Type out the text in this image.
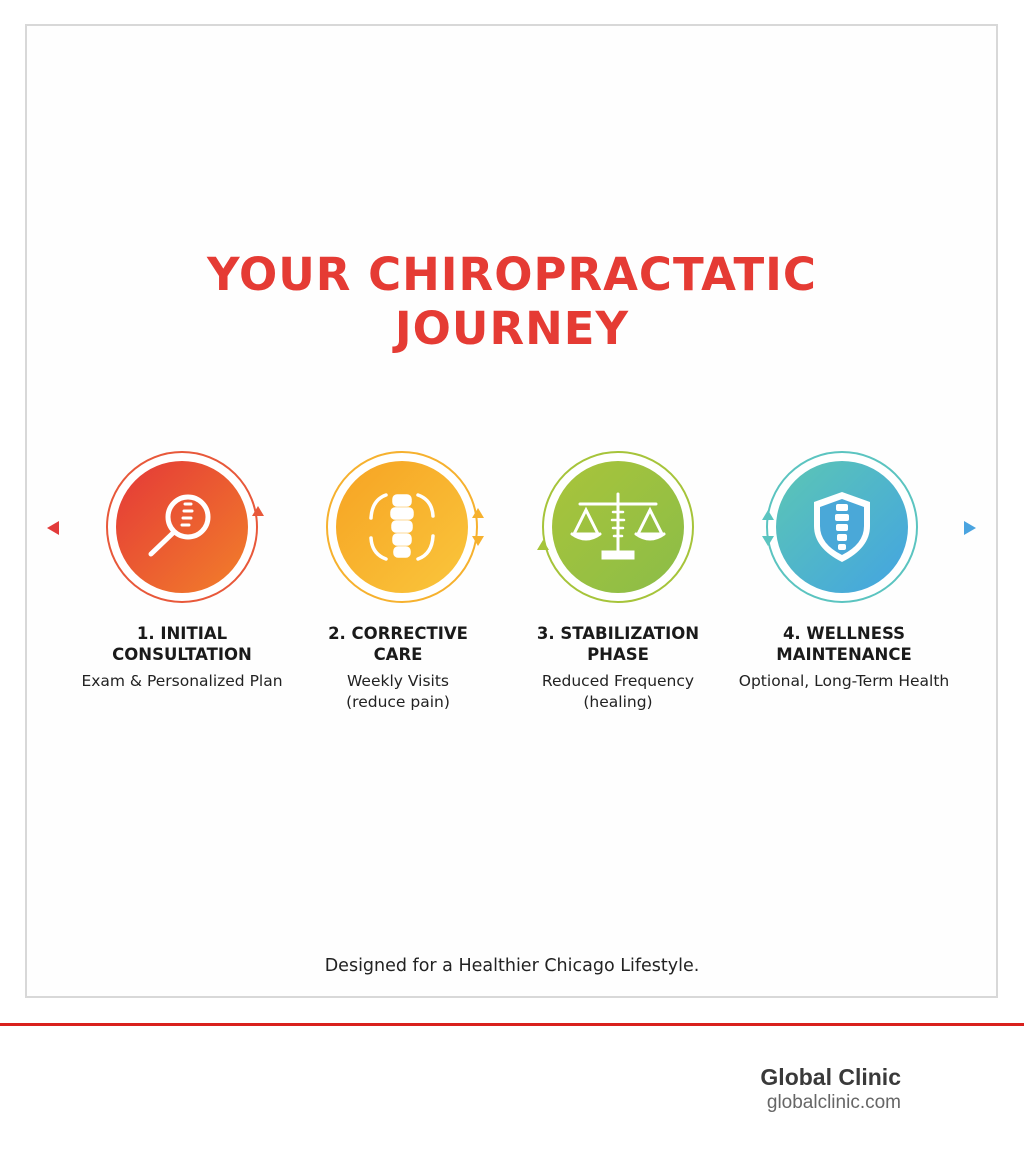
YOUR CHIROPRACTATIC
JOURNEY
1. INITIAL
CONSULTATION
Exam & Personalized Plan
2. CORRECTIVE
CARE
Weekly Visits
(reduce pain)
3. STABILIZATION
PHASE
Reduced Frequency
(healing)
4. WELLNESS
MAINTENANCE
Optional, Long-Term Health
Designed for a Healthier Chicago Lifestyle.
Global Clinic
globalclinic.com
